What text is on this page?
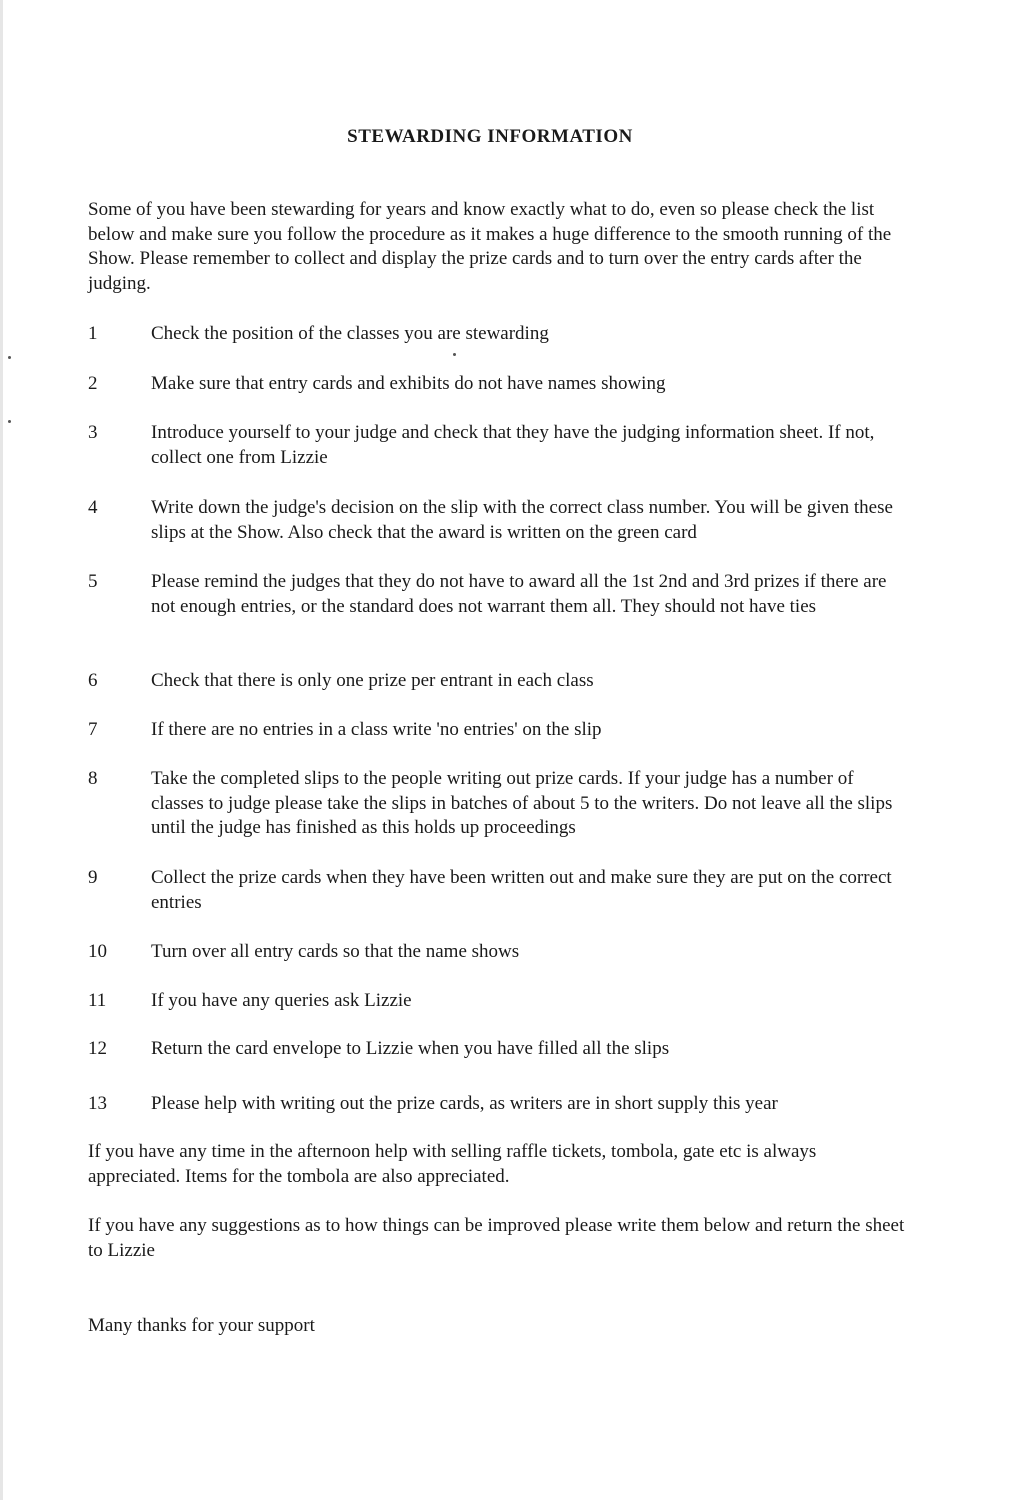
STEWARDING INFORMATION
Some of you have been stewarding for years and know exactly what to do, even so please check the list below and make sure you follow the procedure as it makes a huge difference to the smooth running of the Show. Please remember to collect and display the prize cards and to turn over the entry cards after the judging.
1	Check the position of the classes you are stewarding
2	Make sure that entry cards and exhibits do not have names showing
3	Introduce yourself to your judge and check that they have the judging information sheet. If not, collect one from Lizzie
4	Write down the judge's decision on the slip with the correct class number. You will be given these slips at the Show. Also check that the award is written on the green card
5	Please remind the judges that they do not have to award all the 1st 2nd and 3rd prizes if there are not enough entries, or the standard does not warrant them all. They should not have ties
6	Check that there is only one prize per entrant in each class
7	If there are no entries in a class write 'no entries' on the slip
8	Take the completed slips to the people writing out prize cards. If your judge has a number of classes to judge please take the slips in batches of about 5 to the writers. Do not leave all the slips until the judge has finished as this holds up proceedings
9	Collect the prize cards when they have been written out and make sure they are put on the correct entries
10	Turn over all entry cards so that the name shows
11	If you have any queries ask Lizzie
12	Return the card envelope to Lizzie when you have filled all the slips
13	Please help with writing out the prize cards, as writers are in short supply this year
If you have any time in the afternoon help with selling raffle tickets, tombola, gate etc is always appreciated. Items for the tombola are also appreciated.
If you have any suggestions as to how things can be improved please write them below and return the sheet to Lizzie
Many thanks for your support
